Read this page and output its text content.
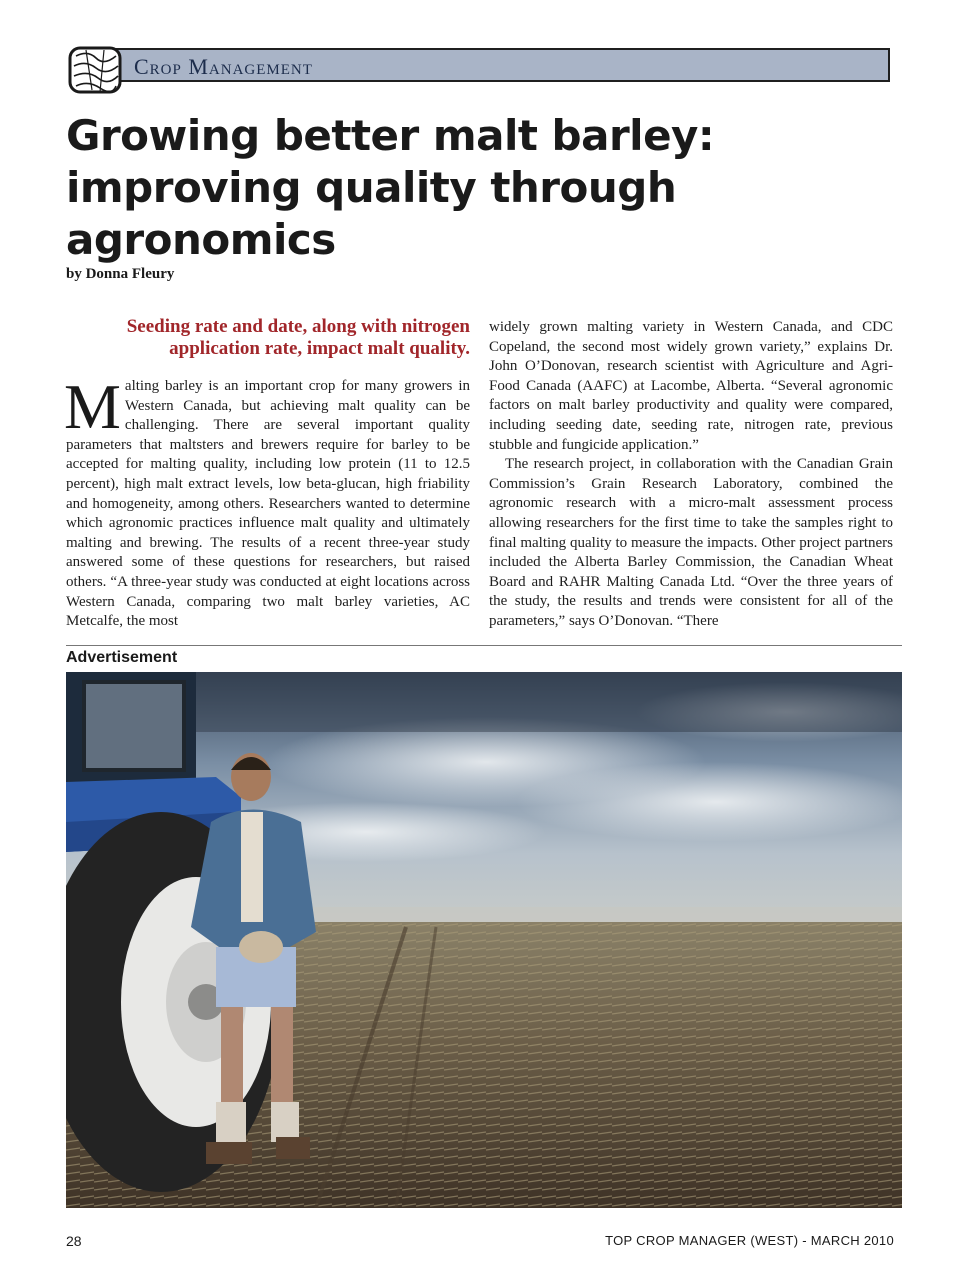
Crop Management
Growing better malt barley: improving quality through agronomics
by Donna Fleury
Seeding rate and date, along with nitrogen application rate, impact malt quality.

Malting barley is an important crop for many growers in Western Canada, but achieving malt quality can be challenging. There are several important quality parameters that maltsters and brewers require for barley to be accepted for malting quality, including low protein (11 to 12.5 percent), high malt extract levels, low beta-glucan, high friability and homogeneity, among others. Researchers wanted to determine which agronomic practices influence malt quality and ultimately malting and brewing. The results of a recent three-year study answered some of these questions for researchers, but raised others. “A three-year study was conducted at eight locations across Western Canada, comparing two malt barley varieties, AC Metcalfe, the most

widely grown malting variety in Western Canada, and CDC Copeland, the second most widely grown variety,” explains Dr. John O’Donovan, research scientist with Agriculture and Agri-Food Canada (AAFC) at Lacombe, Alberta. “Several agronomic factors on malt barley productivity and quality were compared, including seeding date, seeding rate, nitrogen rate, previous stubble and fungicide application.”

The research project, in collaboration with the Canadian Grain Commission’s Grain Research Laboratory, combined the agronomic research with a micro-malt assessment process allowing researchers for the first time to take the samples right to final malting quality to measure the impacts. Other project partners included the Alberta Barley Commission, the Canadian Wheat Board and RAHR Malting Canada Ltd. “Over the three years of the study, the results and trends were consistent for all of the parameters,” says O’Donovan. “There

Advertisement
28	TOP CROP MANAGER (WEST) - MARCH 2010
